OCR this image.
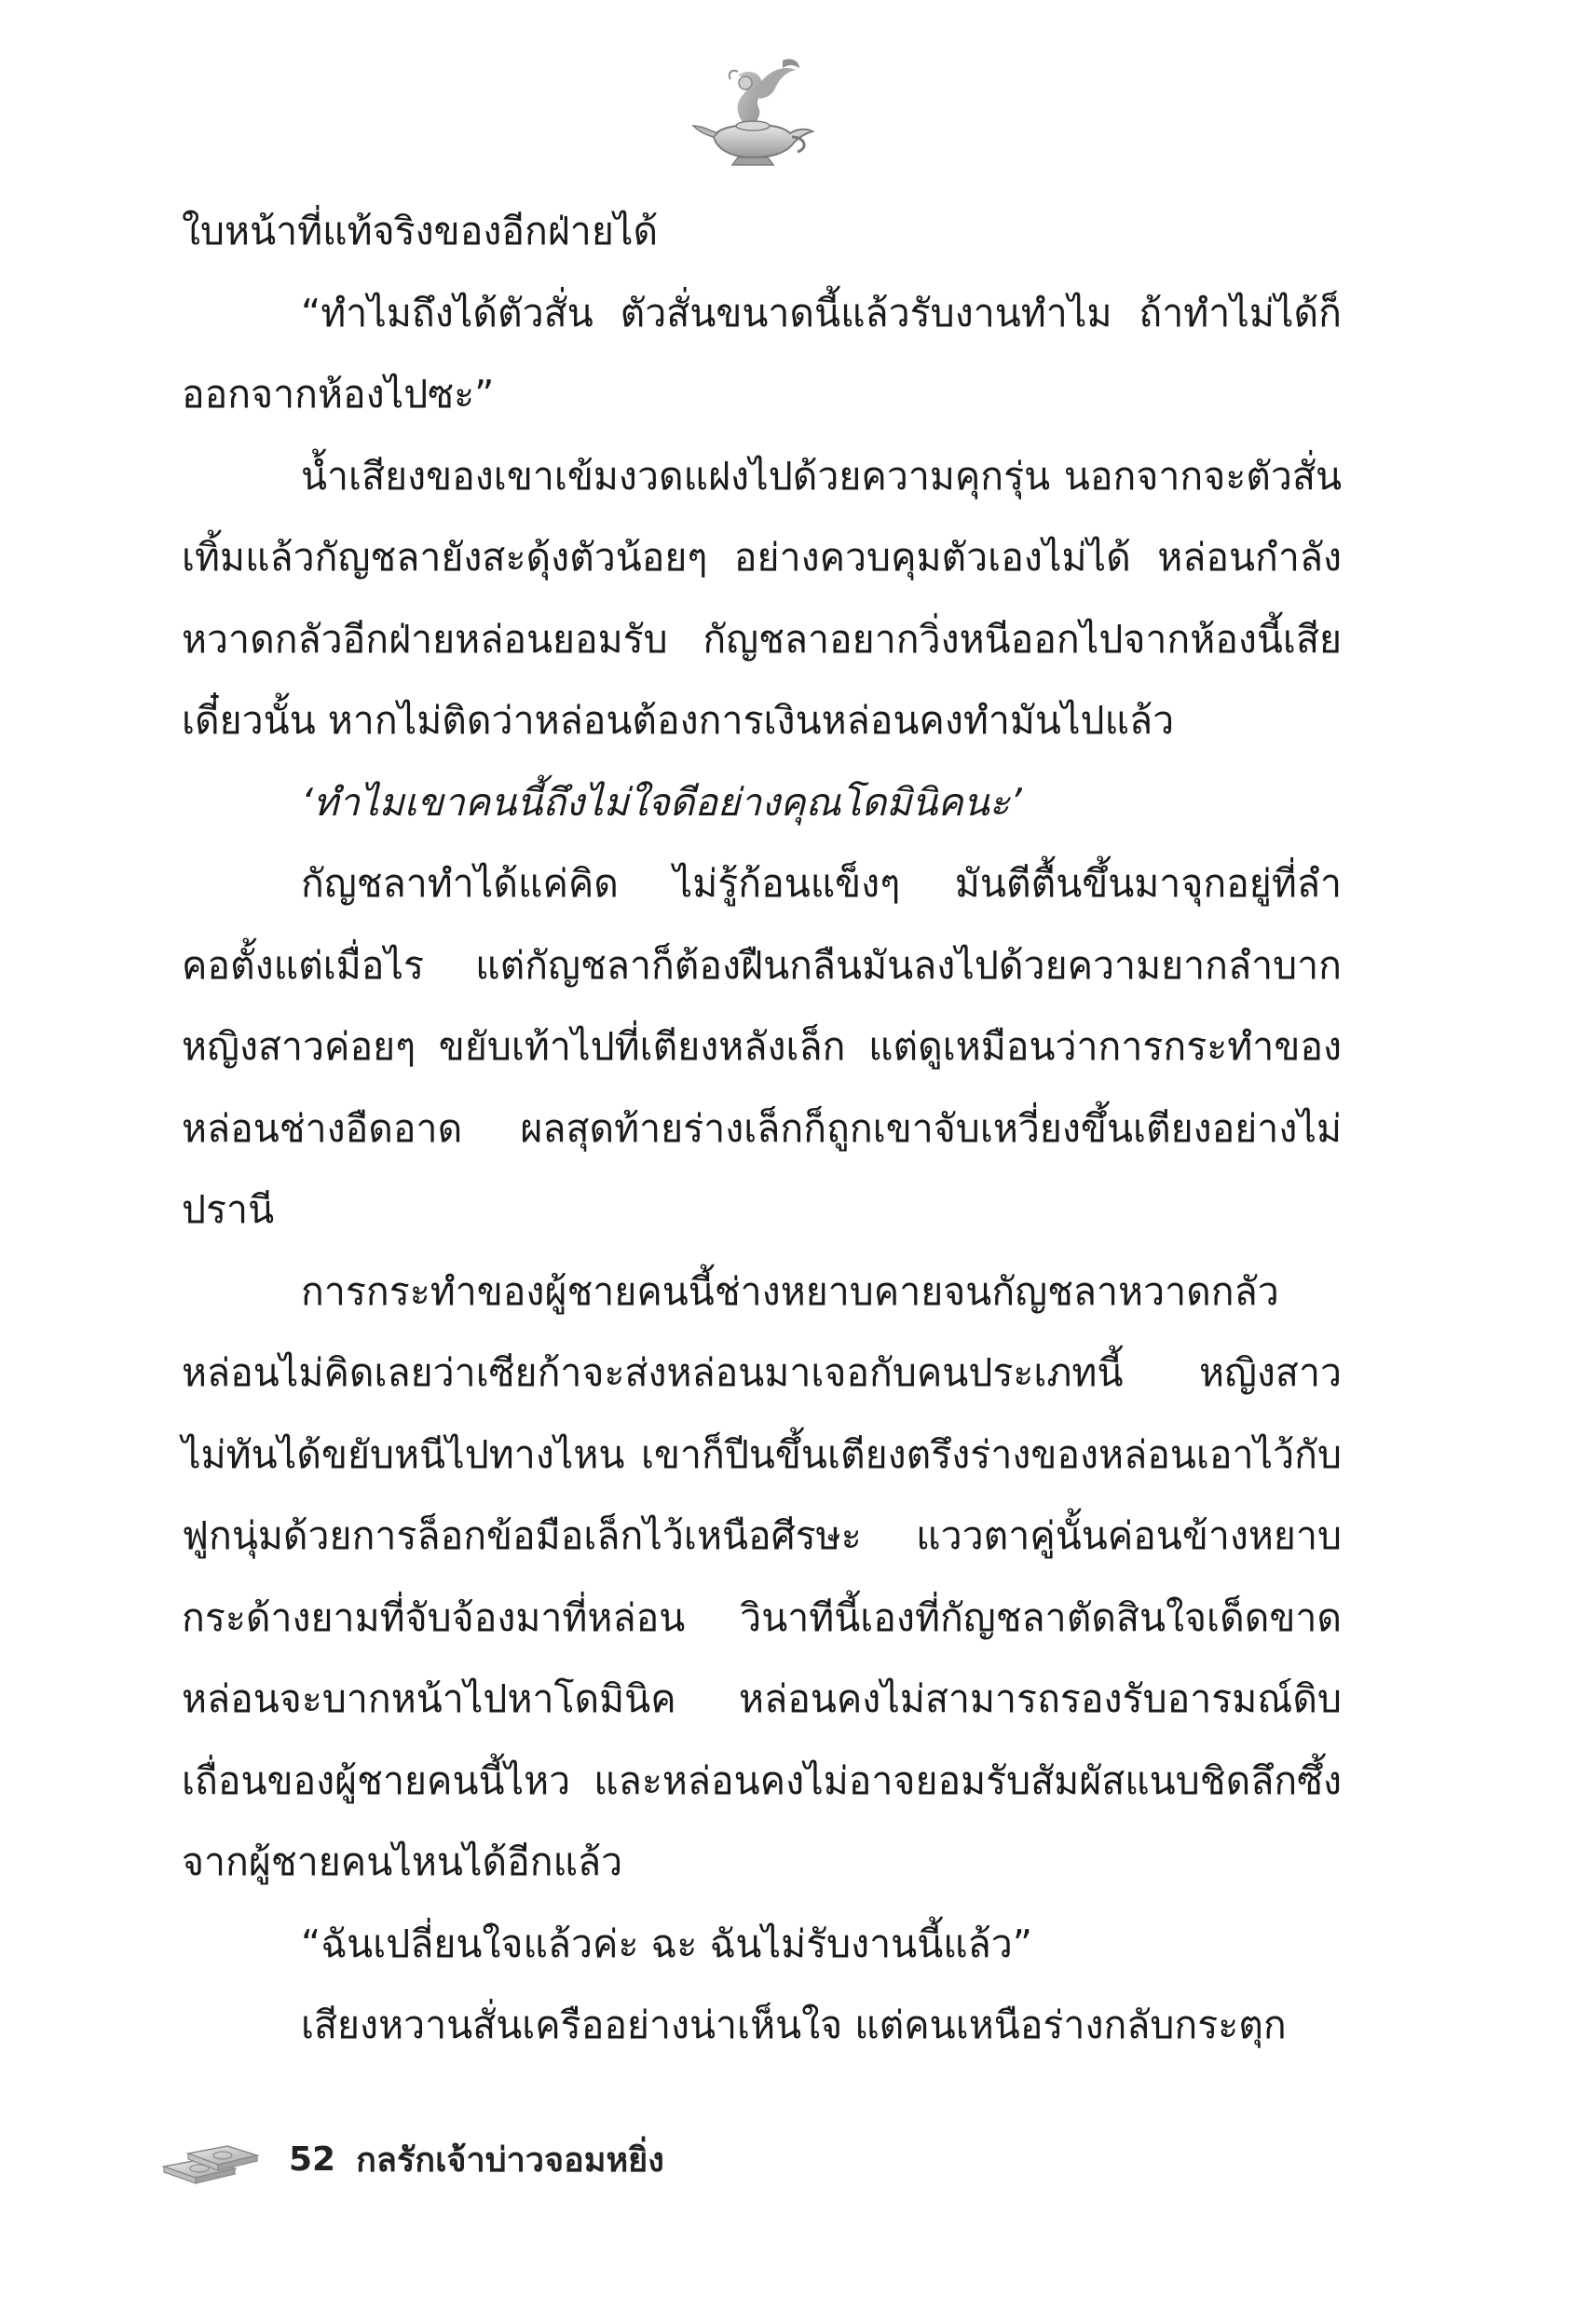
ใบหน้าที่แท้จริงของอีกฝ่ายได้

“ทำไมถึงได้ตัวสั่น ตัวสั่นขนาดนี้แล้วรับงานทำไม ถ้าทำไม่ได้ก็ออกจากห้องไปซะ”

น้ำเสียงของเขาเข้มงวดแฝงไปด้วยความคุกรุ่น นอกจากจะตัวสั่นเทิ้มแล้วกัญชลายังสะดุ้งตัวน้อยๆ อย่างควบคุมตัวเองไม่ได้ หล่อนกำลังหวาดกลัวอีกฝ่ายหล่อนยอมรับ กัญชลาอยากวิ่งหนีออกไปจากห้องนี้เสียเดี๋ยวนั้น หากไม่ติดว่าหล่อนต้องการเงินหล่อนคงทำมันไปแล้ว

‘ทำไมเขาคนนี้ถึงไม่ใจดีอย่างคุณโดมินิคนะ’

กัญชลาทำได้แค่คิด ไม่รู้ก้อนแข็งๆ มันตีตื้นขึ้นมาจุกอยู่ที่ลำคอตั้งแต่เมื่อไร แต่กัญชลาก็ต้องฝืนกลืนมันลงไปด้วยความยากลำบาก หญิงสาวค่อยๆ ขยับเท้าไปที่เตียงหลังเล็ก แต่ดูเหมือนว่าการกระทำของหล่อนช่างอืดอาด ผลสุดท้ายร่างเล็กก็ถูกเขาจับเหวี่ยงขึ้นเตียงอย่างไม่ปรานี

การกระทำของผู้ชายคนนี้ช่างหยาบคายจนกัญชลาหวาดกลัว หล่อนไม่คิดเลยว่าเซียก้าจะส่งหล่อนมาเจอกับคนประเภทนี้ หญิงสาวไม่ทันได้ขยับหนีไปทางไหน เขาก็ปีนขึ้นเตียงตรึงร่างของหล่อนเอาไว้กับฟูกนุ่มด้วยการล็อกข้อมือเล็กไว้เหนือศีรษะ แววตาคู่นั้นค่อนข้างหยาบกระด้างยามที่จับจ้องมาที่หล่อน วินาทีนี้เองที่กัญชลาตัดสินใจเด็ดขาด หล่อนจะบากหน้าไปหาโดมินิค หล่อนคงไม่สามารถรองรับอารมณ์ดิบเถื่อนของผู้ชายคนนี้ไหว และหล่อนคงไม่อาจยอมรับสัมผัสแนบชิดลึกซึ้งจากผู้ชายคนไหนได้อีกแล้ว

“ฉันเปลี่ยนใจแล้วค่ะ ฉะ ฉันไม่รับงานนี้แล้ว”

เสียงหวานสั่นเครืออย่างน่าเห็นใจ แต่คนเหนือร่างกลับกระตุก

52 กลรักเจ้าบ่าวจอมหยิ่ง
